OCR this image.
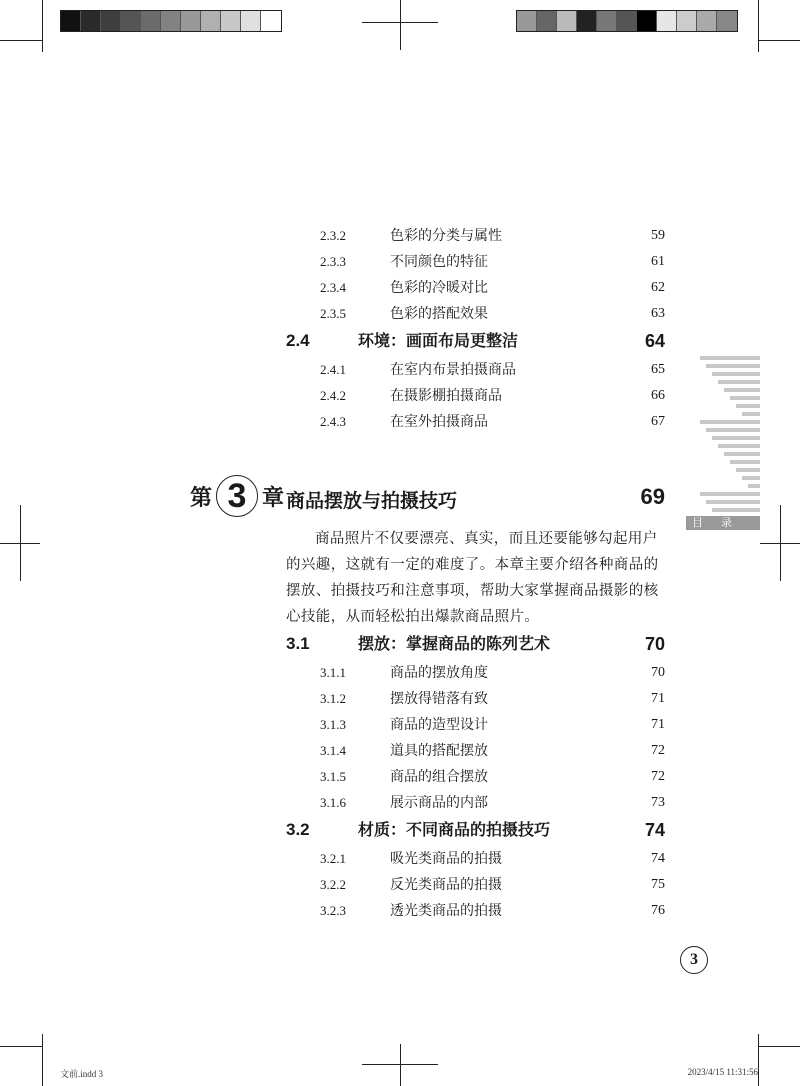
2.3.2	色彩的分类与属性	59
2.3.3	不同颜色的特征	61
2.3.4	色彩的冷暖对比	62
2.3.5	色彩的搭配效果	63
2.4	环境：画面布局更整洁	64
2.4.1	在室内布景拍摄商品	65
2.4.2	在摄影棚拍摄商品	66
2.4.3	在室外拍摄商品	67
目录
第 3 章 商品摆放与拍摄技巧	69

商品照片不仅要漂亮、真实，而且还要能够勾起用户的兴趣，这就有一定的难度了。本章主要介绍各种商品的摆放、拍摄技巧和注意事项，帮助大家掌握商品摄影的核心技能，从而轻松拍出爆款商品照片。

3.1	摆放：掌握商品的陈列艺术	70
3.1.1	商品的摆放角度	70
3.1.2	摆放得错落有致	71
3.1.3	商品的造型设计	71
3.1.4	道具的搭配摆放	72
3.1.5	商品的组合摆放	72
3.1.6	展示商品的内部	73
3.2	材质：不同商品的拍摄技巧	74
3.2.1	吸光类商品的拍摄	74
3.2.2	反光类商品的拍摄	75
3.2.3	透光类商品的拍摄	76
3
文前.indd 3	2023/4/15 11:31:56
